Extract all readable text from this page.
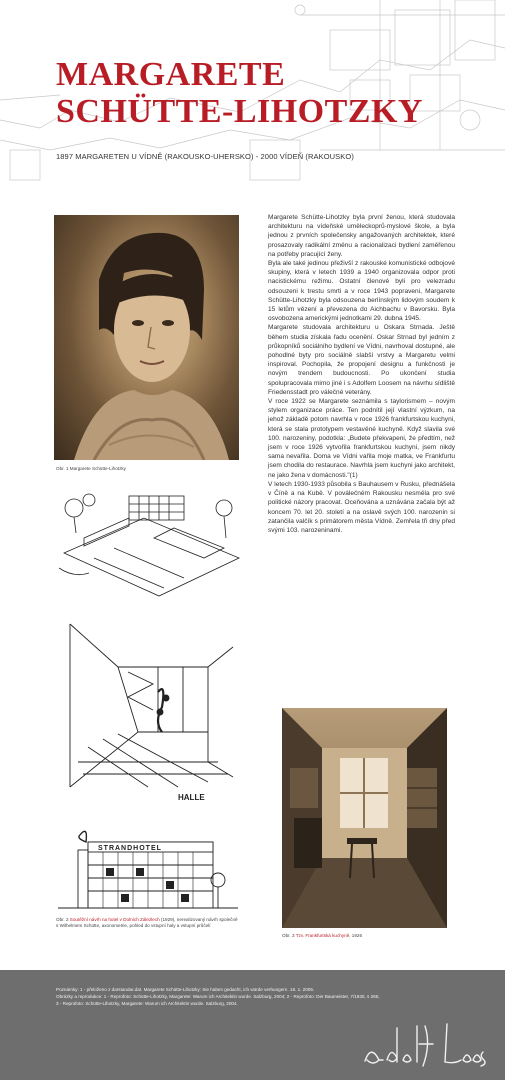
MARGARETE
SCHÜTTE-LIHOTZKY
1897 MARGARETEN U VÍDNĚ (RAKOUSKO-UHERSKO) - 2000 VÍDEŇ (RAKOUSKO)
Obr. 1 Margarete Schütte-Lihotzky
HALLE
STRANDHOTEL
Obr. 2 Soutěžní návrh na hotel v Dolních Zálezlech (1929), nerealizovaný návrh společně s Wilhelmem Schütte, axonometrie, pohled do vstupní haly a vstupní průčelí
Obr. 3 Tzv. Frankfurtská kuchyně, 1926

Margarete Schütte-Lihotzky byla první ženou, která studovala architekturu na vídeňské uměleckoprů-myslové škole, a byla jednou z prvních společensky angažovaných architektek, které prosazovaly radikální změnu a racionalizaci bydlení zaměřenou na potřeby pracující ženy.

Byla ale také jedinou přeživší z rakouské komunistické odbojové skupiny, která v letech 1939 a 1940 organizovala odpor proti nacistickému režimu. Ostatní členové byli pro velezradu odsouzeni k trestu smrti a v roce 1943 popraveni, Margarete Schütte-Lihotzky byla odsouzena berlínským lidovým soudem k 15 letům vězení a převezena do Aichbachu v Bavorsku. Byla osvobozena americkými jednotkami 29. dubna 1945.

Margarete studovala architekturu u Oskara Strnada. Ještě během studia získala řadu ocenění. Oskar Strnad byl jedním z průkopníků sociálního bydlení ve Vídni, navrhoval dostupné, ale pohodlné byty pro sociálně slabší vrstvy a Margaretu velmi inspiroval. Pochopila, že propojení designu a funkčnosti je novým trendem budoucnosti. Po ukončení studia spolupracovala mimo jiné i s Adolfem Loosem na návrhu sídliště Friedensstadt pro válečné veterány.

V roce 1922 se Margarete seznámila s taylorismem – novým stylem organizace práce. Ten podnítil její vlastní výzkum, na jehož základě potom navrhla v roce 1926 frankfurtskou kuchyni, která se stala prototypem vestavěné kuchyně. Když slavila své 100. narozeniny, podotkla: „Budete překvapeni, že předtím, než jsem v roce 1926 vytvořila frankfurtskou kuchyni, jsem nikdy sama nevařila. Doma ve Vídni vařila moje matka, ve Frankfurtu jsem chodila do restaurace. Navrhla jsem kuchyni jako architekt, ne jako žena v domácnosti."(1)

V letech 1930-1933 působila s Bauhausem v Rusku, přednášela v Číně a na Kubě. V poválečném Rakousku nesměla pro své politické názory pracovat. Oceňována a uznávána začala být až koncem 70. let 20. století a na oslavě svých 100. narozenin si zatančila valčík s primátorem města Vídně. Zemřela tři dny před svými 103. narozeninami.

Poznámky: 1 - přeloženo z darstandar.dat. Margarete Schütte-Lihotzky: Sie haben gedacht, ich würde verhungern. 18. 1. 2005.

Obrázky a reprodukce: 1 - Reprofoto: Schütte-Lihotzky, Margarete: Warum ich Architektin wurde. Salzburg, 2004; 2 - Reprofoto: Der Baumeister, 7/1930, s 265;

3 - Reprofoto: Schütte-Lihotzky, Margarete: Warum ich Architektin wurde. Salzburg, 2004.
